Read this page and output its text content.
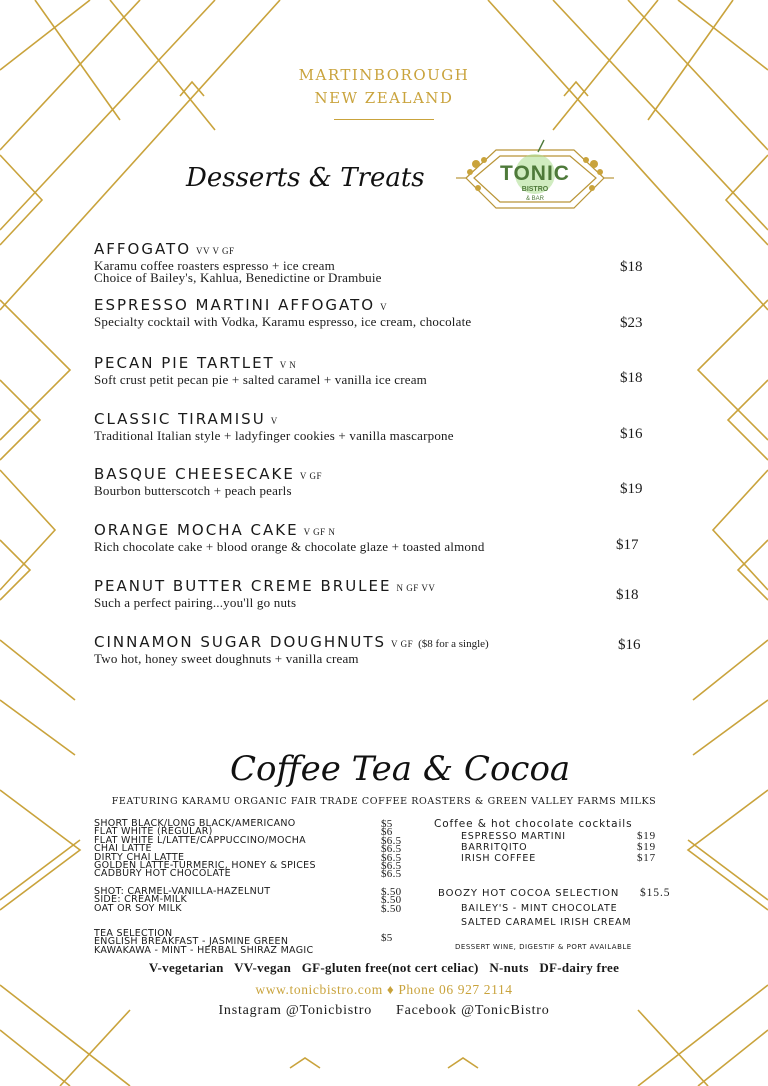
MARTINBOROUGH
NEW ZEALAND
Desserts & Treats	TONIC
BISTRO
& BAR
AFFOGATO VV V GF
Karamu coffee roasters espresso + ice cream
Choice of Bailey's, Kahlua, Benedictine or Drambuie
$18
ESPRESSO MARTINI AFFOGATO V
Specialty cocktail with Vodka, Karamu espresso, ice cream, chocolate	$23
PECAN PIE TARTLET V N
Soft crust petit pecan pie + salted caramel + vanilla ice cream	$18
CLASSIC TIRAMISU V
Traditional Italian style + ladyfinger cookies + vanilla mascarpone	$16
BASQUE CHEESECAKE V GF
Bourbon butterscotch + peach pearls	$19
ORANGE MOCHA CAKE V GF N
Rich chocolate cake + blood orange & chocolate glaze + toasted almond	$17
PEANUT BUTTER CREME BRULEE N GF VV
Such a perfect pairing...you'll go nuts	$18
CINNAMON SUGAR DOUGHNUTS V GF ($8 for a single)
Two hot, honey sweet doughnuts + vanilla cream
$16
Coffee Tea & Cocoa
FEATURING KARAMU ORGANIC FAIR TRADE COFFEE ROASTERS & GREEN VALLEY FARMS MILKS
SHORT BLACK/LONG BLACK/AMERICANO	$5
FLAT WHITE (REGULAR)	$6
FLAT WHITE L/LATTE/CAPPUCCINO/MOCHA	$6.5
CHAI LATTE	$6.5
DIRTY CHAI LATTE	$6.5
GOLDEN LATTE-TURMERIC, HONEY & SPICES	$6.5
CADBURY HOT CHOCOLATE	$6.5
SHOT: CARMEL-VANILLA-HAZELNUT	$.50
SIDE: CREAM-MILK	$.50
OAT OR SOY MILK	$.50
TEA SELECTION	$5
ENGLISH BREAKFAST - JASMINE GREEN
KAWAKAWA - MINT - HERBAL SHIRAZ MAGIC
Coffee & hot chocolate cocktails
ESPRESSO MARTINI	$19
BARRITQITO	$19
IRISH COFFEE	$17
BOOZY HOT COCOA SELECTION $15.5
BAILEY'S - MINT CHOCOLATE
SALTED CARAMEL IRISH CREAM
DESSERT WINE, DIGESTIF & PORT AVAILABLE
V-vegetarian   VV-vegan   GF-gluten free(not cert celiac)   N-nuts   DF-dairy free
www.tonicbistro.com ♦ Phone 06 927 2114
Instagram @Tonicbistro Facebook @TonicBistro
